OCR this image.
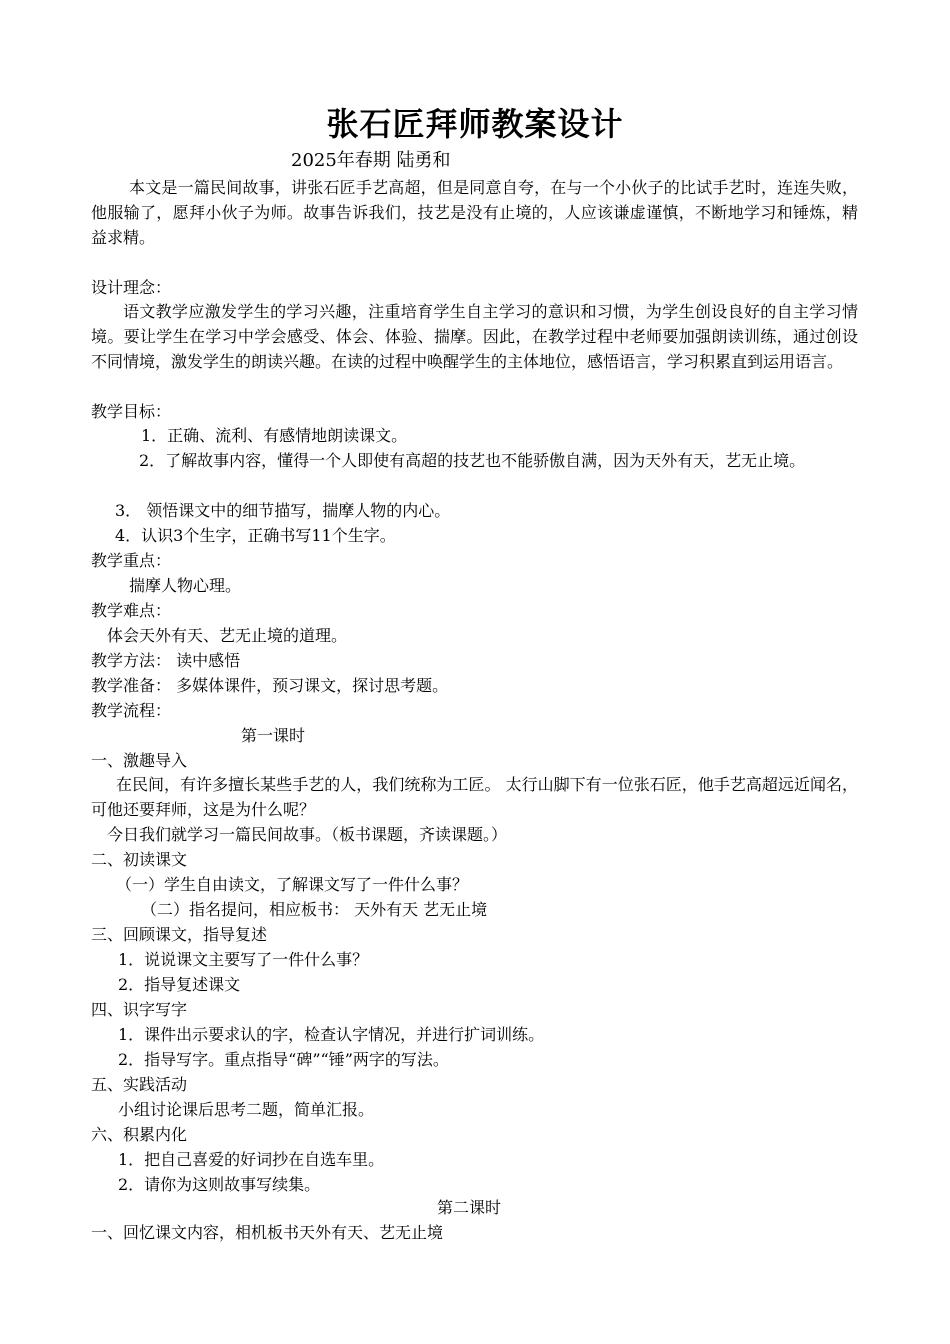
张石匠拜师教案设计
2025年春期 陆勇和
本文是一篇民间故事，讲张石匠手艺高超，但是同意自夸，在与一个小伙子的比试手艺时，连连失败，他服输了，愿拜小伙子为师。故事告诉我们，技艺是没有止境的，人应该谦虚谨慎，不断地学习和锤炼，精益求精。
设计理念：
语文教学应激发学生的学习兴趣，注重培育学生自主学习的意识和习惯，为学生创设良好的自主学习情境。要让学生在学习中学会感受、体会、体验、揣摩。因此，在教学过程中老师要加强朗读训练，通过创设不同情境，激发学生的朗读兴趣。在读的过程中唤醒学生的主体地位，感悟语言，学习积累直到运用语言。
教学目标：
1．正确、流利、有感情地朗读课文。
2．了解故事内容，懂得一个人即使有高超的技艺也不能骄傲自满，因为天外有天，艺无止境。
3． 领悟课文中的细节描写，揣摩人物的内心。
4．认识3个生字，正确书写11个生字。
教学重点：
揣摩人物心理。
教学难点：
体会天外有天、艺无止境的道理。
教学方法： 读中感悟
教学准备： 多媒体课件，预习课文，探讨思考题。
教学流程：
第一课时
一、激趣导入
在民间，有许多擅长某些手艺的人，我们统称为工匠。 太行山脚下有一位张石匠，他手艺高超远近闻名，可他还要拜师，这是为什么呢？
今日我们就学习一篇民间故事。（板书课题，齐读课题。）
二、初读课文
（一）学生自由读文，了解课文写了一件什么事？
（二）指名提问，相应板书： 天外有天 艺无止境
三、回顾课文，指导复述
1．说说课文主要写了一件什么事？
2．指导复述课文
四、识字写字
1．课件出示要求认的字，检查认字情况，并进行扩词训练。
2．指导写字。重点指导“碑”“锤”两字的写法。
五、实践活动
小组讨论课后思考二题，简单汇报。
六、积累内化
1．把自己喜爱的好词抄在自选车里。
2．请你为这则故事写续集。
第二课时
一、回忆课文内容，相机板书天外有天、艺无止境
